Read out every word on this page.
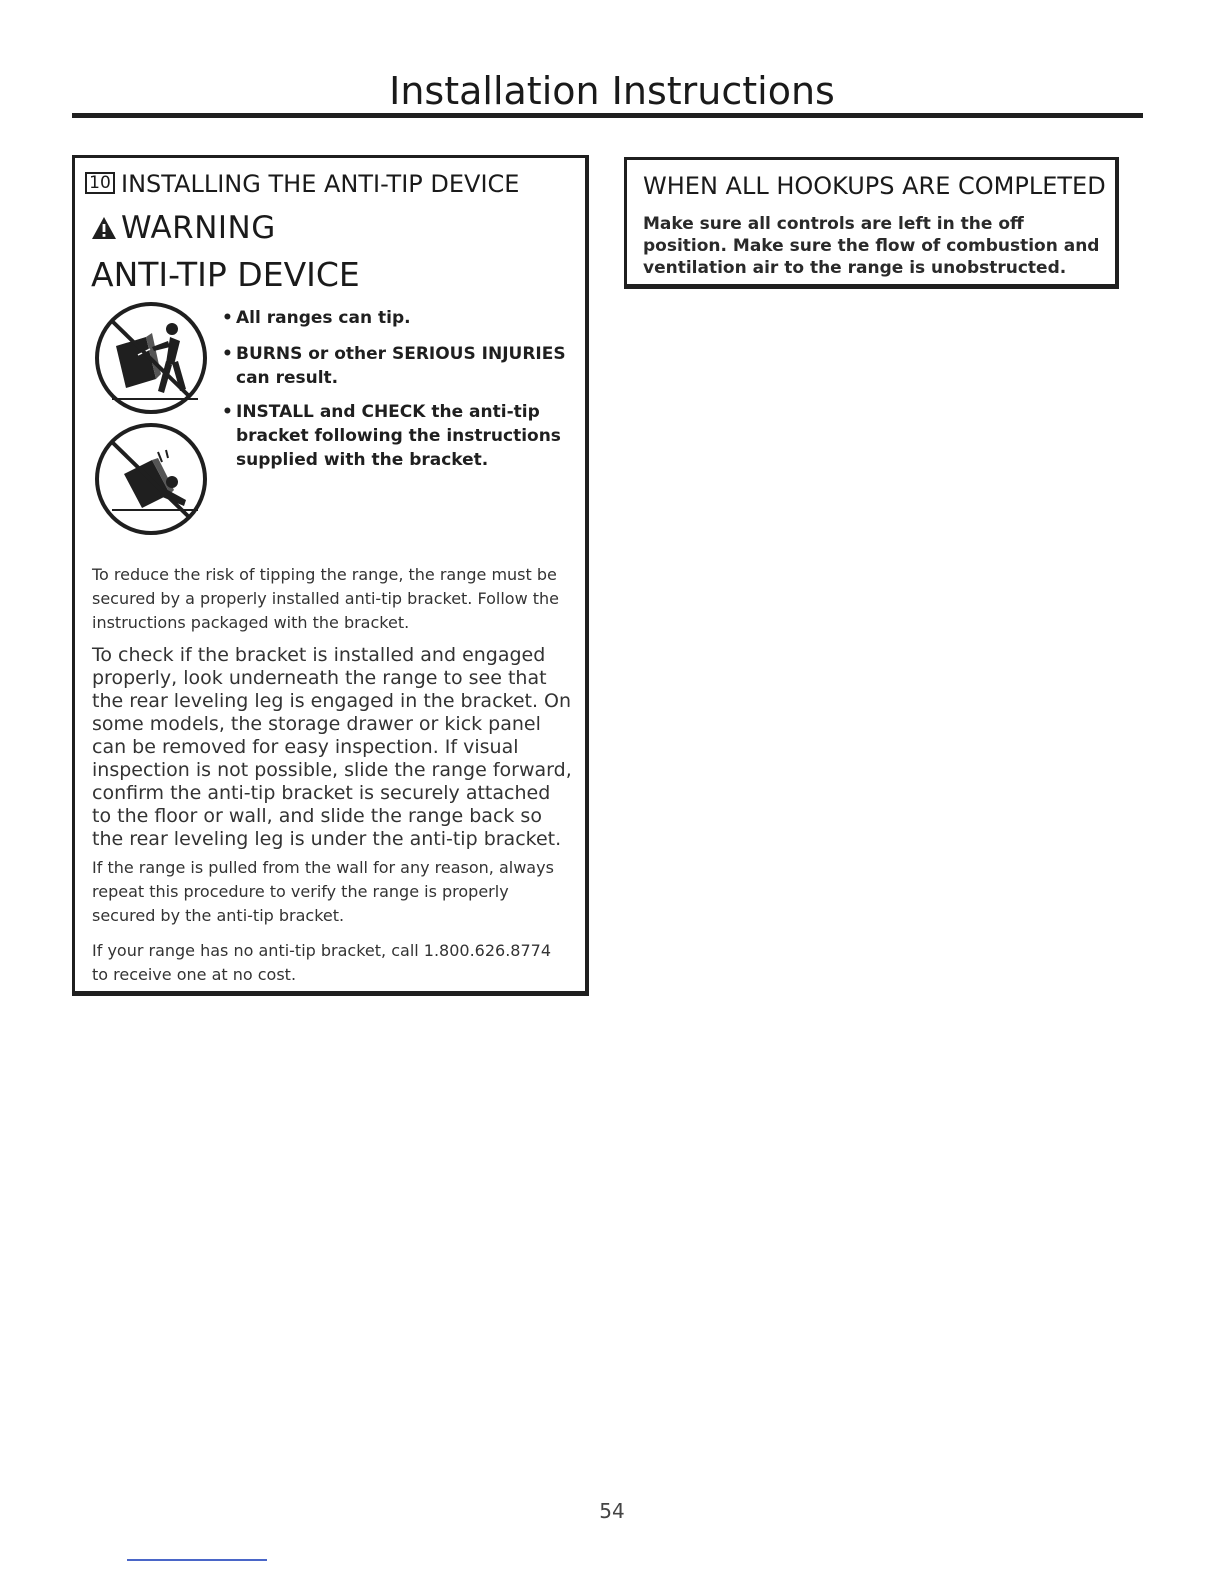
Installation Instructions
10 INSTALLING THE ANTI-TIP DEVICE
WARNING
ANTI-TIP DEVICE
• All ranges can tip.
• BURNS or other SERIOUS INJURIES can result.
• INSTALL and CHECK the anti-tip bracket following the instructions supplied with the bracket.

To reduce the risk of tipping the range, the range must be secured by a properly installed anti-tip bracket. Follow the instructions packaged with the bracket.

To check if the bracket is installed and engaged properly, look underneath the range to see that the rear leveling leg is engaged in the bracket. On some models, the storage drawer or kick panel can be removed for easy inspection. If visual inspection is not possible, slide the range forward, confirm the anti-tip bracket is securely attached to the floor or wall, and slide the range back so the rear leveling leg is under the anti-tip bracket.

If the range is pulled from the wall for any reason, always repeat this procedure to verify the range is properly secured by the anti-tip bracket.

If your range has no anti-tip bracket, call 1.800.626.8774 to receive one at no cost.

WHEN ALL HOOKUPS ARE COMPLETED

Make sure all controls are left in the off position. Make sure the flow of combustion and ventilation air to the range is unobstructed.

54
